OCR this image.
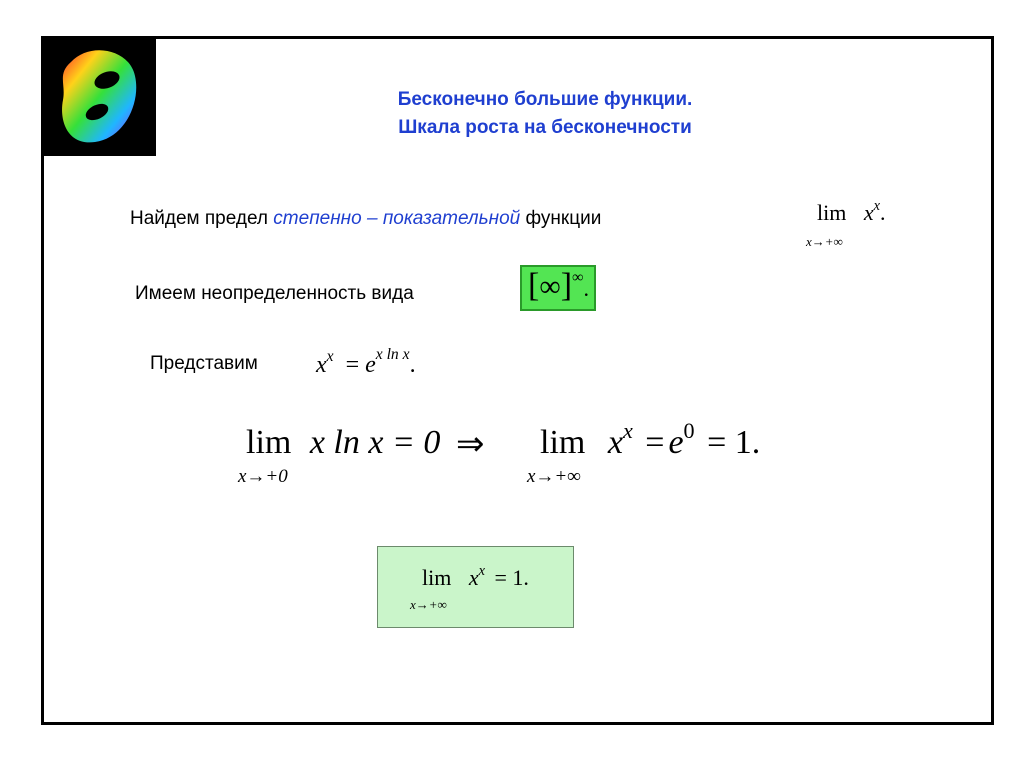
Бесконечно большие функции.
Шкала роста на бесконечности
Найдем предел степенно – показательной функции	$\lim x^x$.
x→+∞
Имеем неопределенность вида	[∞]∞.
Представим $x^x = e^{x ln x}$.
lim x ln x = 0
x→+0
⇒ $\lim x^x = e^0 = 1$.
x→+∞
$\lim x^x = 1$.
x→+∞
